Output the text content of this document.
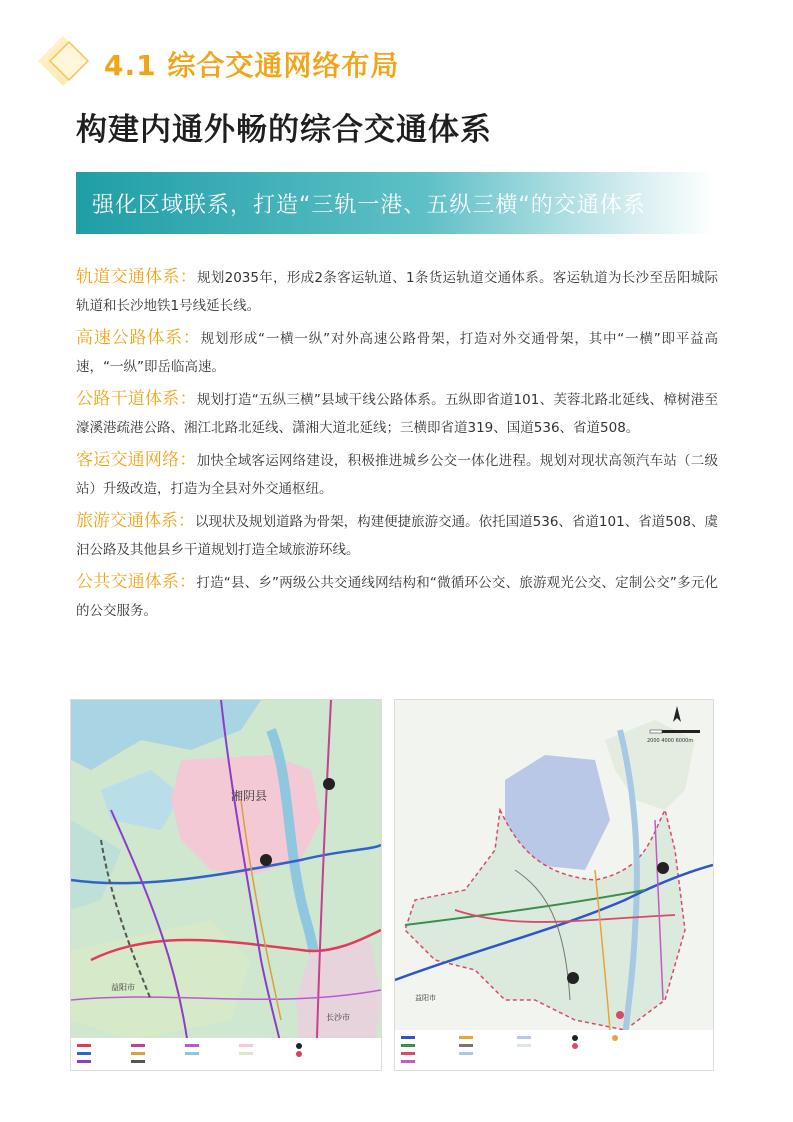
4.1 综合交通网络布局
构建内通外畅的综合交通体系
强化区域联系，打造“三轨一港、五纵三横“的交通体系

轨道交通体系：规划2035年，形成2条客运轨道、1条货运轨道交通体系。客运轨道为长沙至岳阳城际轨道和长沙地铁1号线延长线。

高速公路体系：规划形成“一横一纵”对外高速公路骨架，打造对外交通骨架，其中“一横”即平益高速，“一纵”即岳临高速。

公路干道体系：规划打造“五纵三横”县域干线公路体系。五纵即省道101、芙蓉北路北延线、樟树港至濠溪港疏港公路、湘江北路北延线、潇湘大道北延线；三横即省道319、国道536、省道508。

客运交通网络：加快全域客运网络建设，积极推进城乡公交一体化进程。规划对现状高领汽车站（二级站）升级改造，打造为全县对外交通枢纽。

旅游交通体系：以现状及规划道路为骨架，构建便捷旅游交通。依托国道536、省道101、省道508、虞汩公路及其他县乡干道规划打造全域旅游环线。

公共交通体系：打造“县、乡”两级公共交通线网结构和“微循环公交、旅游观光公交、定制公交”多元化的公交服务。

湘阴县
长沙市
益阳市
2000 4000 6000m
益阳市
